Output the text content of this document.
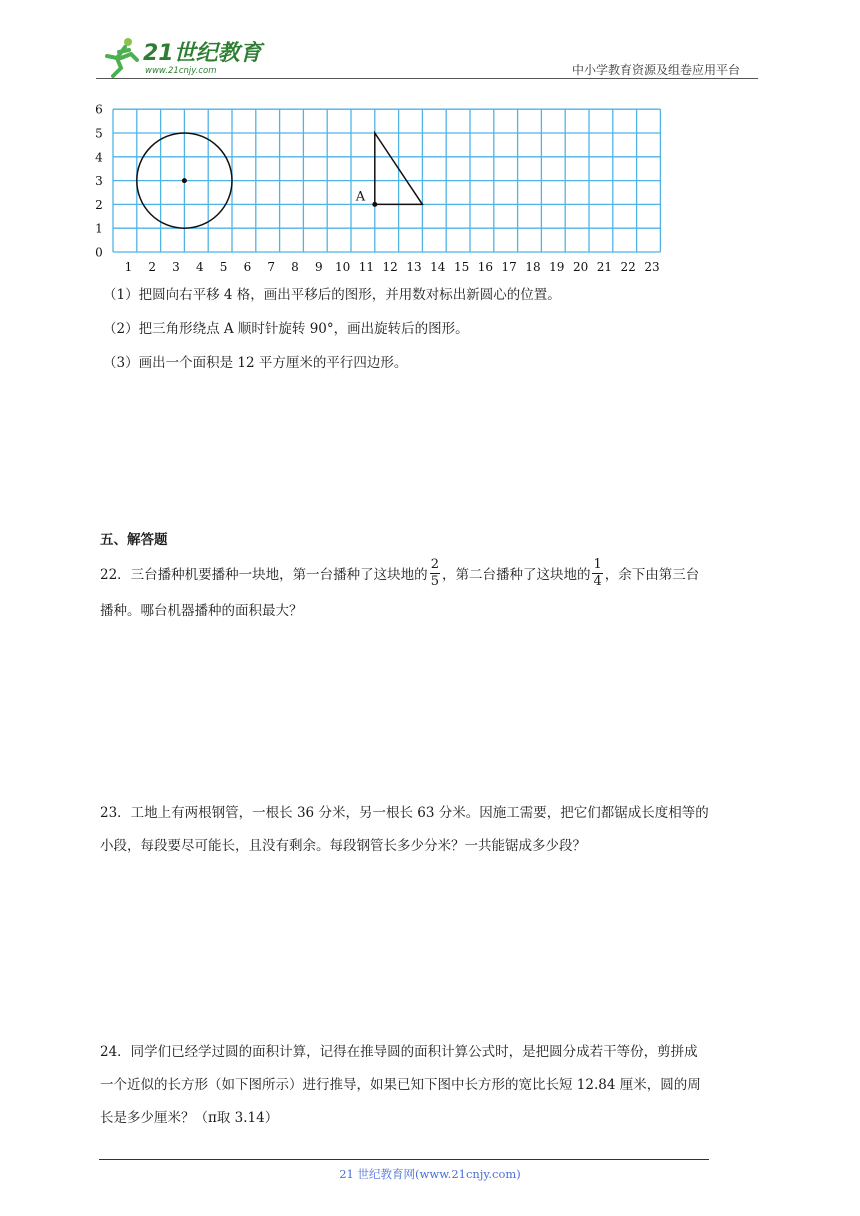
21世纪教育
www.21cnjy.com	中小学教育资源及组卷应用平台
0
1
2
3
4
5
6
1 2 3 4 5 6 7 8 9 10 11 12 13 14 15 16 17 18 19 20 21 22 23
A
（1）把圆向右平移 4 格，画出平移后的图形，并用数对标出新圆心的位置。
（2）把三角形绕点 A 顺时针旋转 90°，画出旋转后的图形。
（3）画出一个面积是 12 平方厘米的平行四边形。
五、解答题
22．三台播种机要播种一块地，第一台播种了这块地的 $\frac{2}{5}$ ，第二台播种了这块地的 $\frac{1}{4}$ ，余下由第三台
播种。哪台机器播种的面积最大？
23．工地上有两根钢管，一根长 36 分米，另一根长 63 分米。因施工需要，把它们都锯成长度相等的
小段，每段要尽可能长，且没有剩余。每段钢管长多少分米？一共能锯成多少段？
24．同学们已经学过圆的面积计算，记得在推导圆的面积计算公式时，是把圆分成若干等份，剪拼成
一个近似的长方形（如下图所示）进行推导，如果已知下图中长方形的宽比长短 12.84 厘米，圆的周
长是多少厘米？（π取 3.14）
21 世纪教育网(www.21cnjy.com)
